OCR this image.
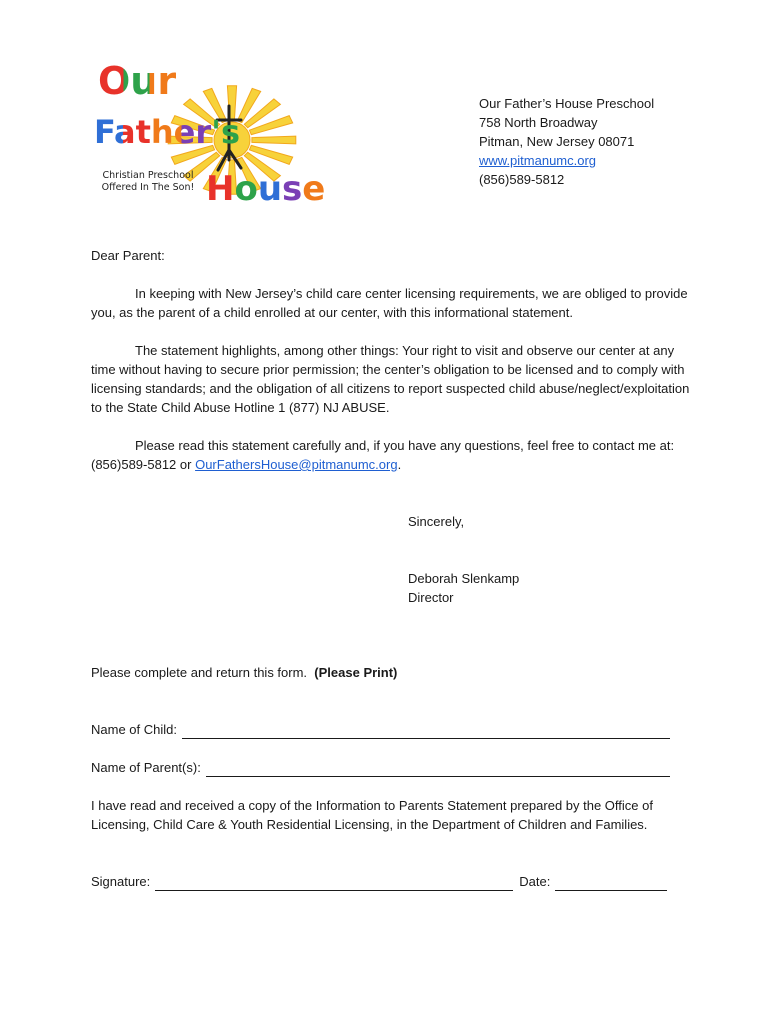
Our
Father's
House
Christian Preschool Offered In The Son!
Our Father’s House Preschool
758 North Broadway
Pitman, New Jersey 08071
www.pitmanumc.org
(856)589-5812
Dear Parent:
In keeping with New Jersey’s child care center licensing requirements, we are obliged to provide you, as the parent of a child enrolled at our center, with this informational statement.
The statement highlights, among other things: Your right to visit and observe our center at any time without having to secure prior permission; the center’s obligation to be licensed and to comply with licensing standards; and the obligation of all citizens to report suspected child abuse/neglect/exploitation to the State Child Abuse Hotline 1 (877) NJ ABUSE.
Please read this statement carefully and, if you have any questions, feel free to contact me at: (856)589-5812 or OurFathersHouse@pitmanumc.org.
Sincerely,
Deborah Slenkamp
Director
Please complete and return this form. (Please Print)
Name of Child:
Name of Parent(s):
I have read and received a copy of the Information to Parents Statement prepared by the Office of Licensing, Child Care & Youth Residential Licensing, in the Department of Children and Families.
Signature:	Date:
